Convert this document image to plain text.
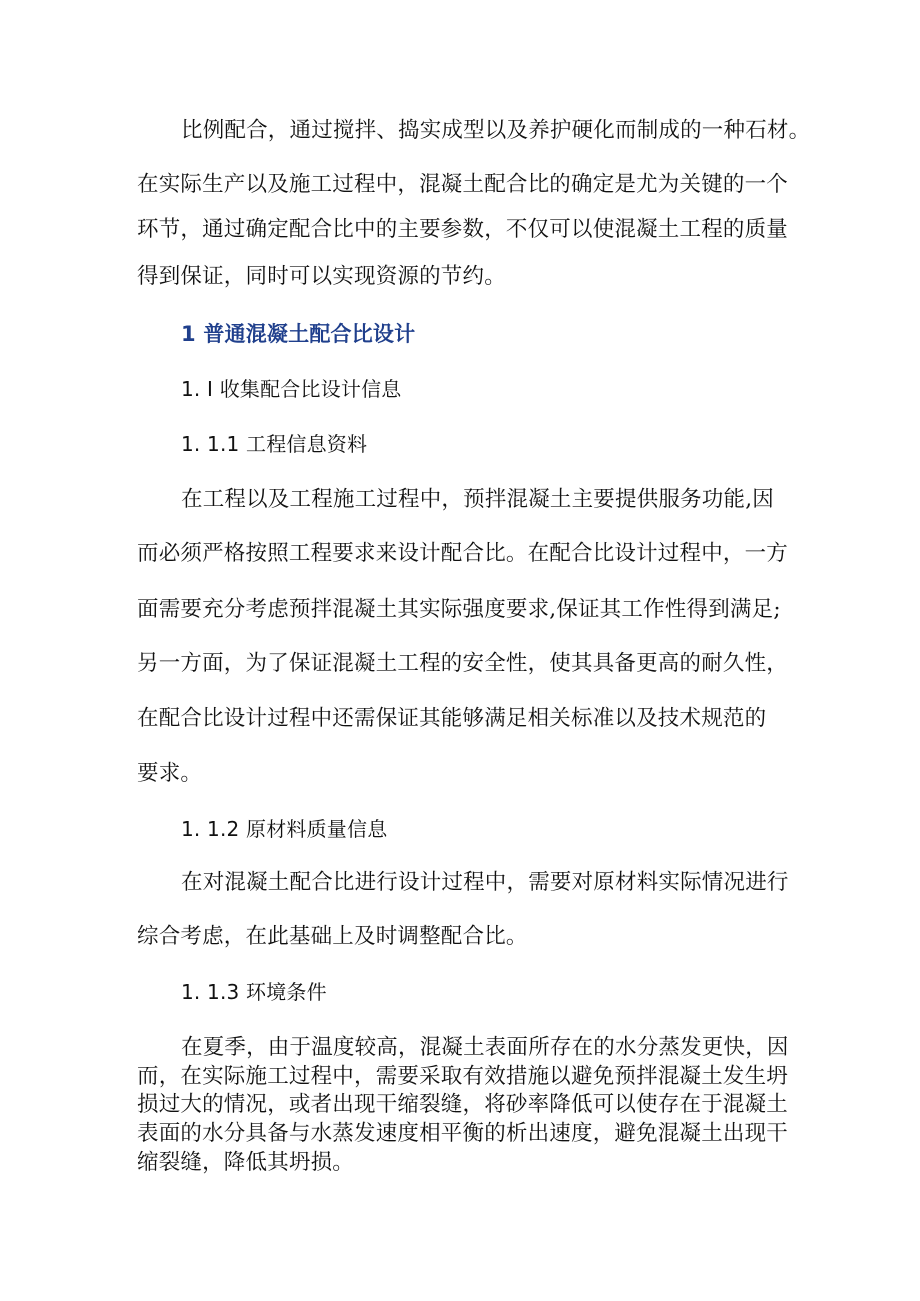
比例配合，通过搅拌、捣实成型以及养护硬化而制成的一种石材。
在实际生产以及施工过程中，混凝土配合比的确定是尤为关键的一个
环节，通过确定配合比中的主要参数，不仅可以使混凝土工程的质量
得到保证，同时可以实现资源的节约。
1 普通混凝土配合比设计
1. I 收集配合比设计信息
1. 1.1 工程信息资料
在工程以及工程施工过程中，预拌混凝土主要提供服务功能,因
而必须严格按照工程要求来设计配合比。在配合比设计过程中，一方
面需要充分考虑预拌混凝土其实际强度要求,保证其工作性得到满足;
另一方面，为了保证混凝土工程的安全性，使其具备更高的耐久性，
在配合比设计过程中还需保证其能够满足相关标准以及技术规范的
要求。
1. 1.2 原材料质量信息
在对混凝土配合比进行设计过程中，需要对原材料实际情况进行
综合考虑，在此基础上及时调整配合比。
1. 1.3 环境条件
在夏季，由于温度较高，混凝土表面所存在的水分蒸发更快，因
而，在实际施工过程中，需要采取有效措施以避免预拌混凝土发生坍
损过大的情况，或者出现干缩裂缝，将砂率降低可以使存在于混凝土
表面的水分具备与水蒸发速度相平衡的析出速度，避免混凝土出现干
缩裂缝，降低其坍损。
